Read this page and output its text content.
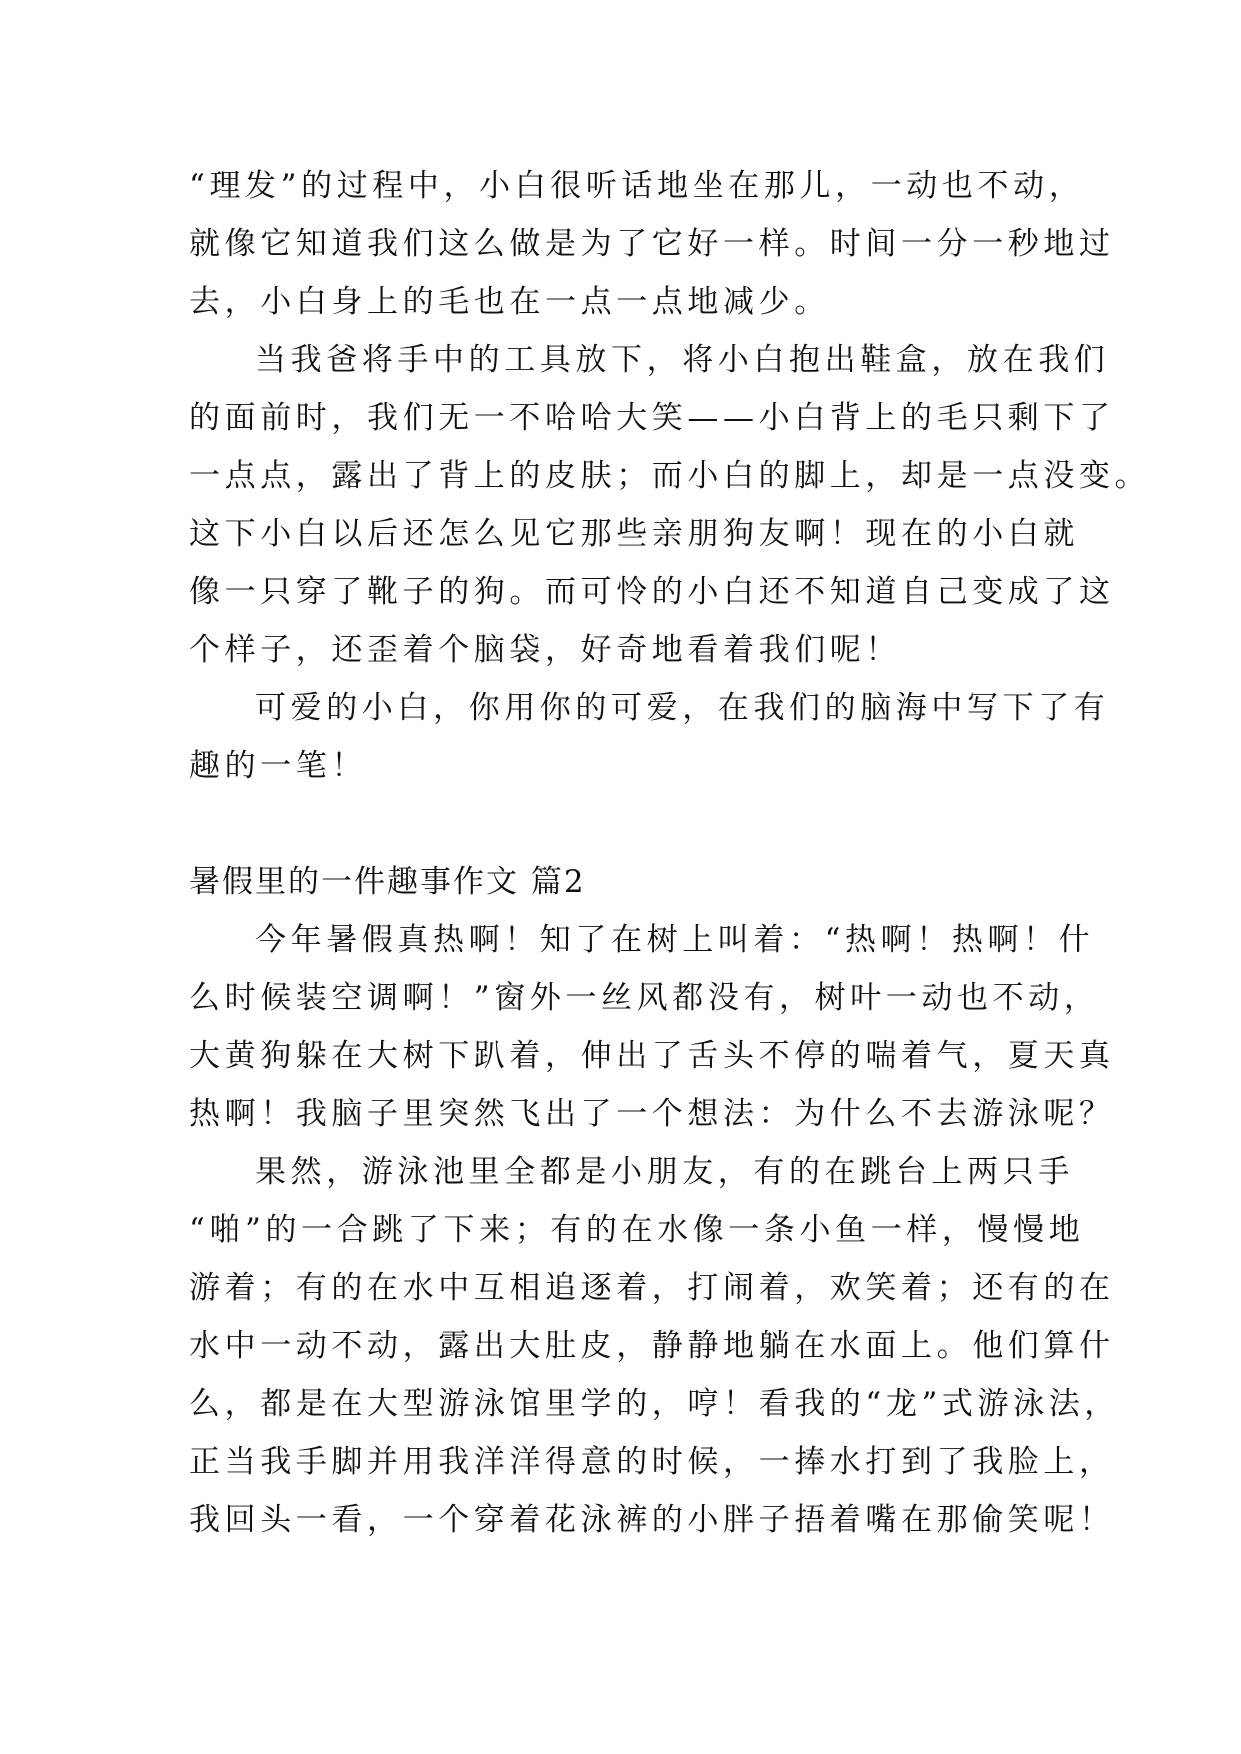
“理发”的过程中，小白很听话地坐在那儿，一动也不动，
就像它知道我们这么做是为了它好一样。时间一分一秒地过
去，小白身上的毛也在一点一点地减少。
当我爸将手中的工具放下，将小白抱出鞋盒，放在我们
的面前时，我们无一不哈哈大笑——小白背上的毛只剩下了
一点点，露出了背上的皮肤；而小白的脚上，却是一点没变。
这下小白以后还怎么见它那些亲朋狗友啊！现在的小白就
像一只穿了靴子的狗。而可怜的小白还不知道自己变成了这
个样子，还歪着个脑袋，好奇地看着我们呢！
可爱的小白，你用你的可爱，在我们的脑海中写下了有
趣的一笔！
暑假里的一件趣事作文 篇2
今年暑假真热啊！知了在树上叫着：“热啊！热啊！什
么时候装空调啊！”窗外一丝风都没有，树叶一动也不动，
大黄狗躲在大树下趴着，伸出了舌头不停的喘着气，夏天真
热啊！我脑子里突然飞出了一个想法：为什么不去游泳呢？
果然，游泳池里全都是小朋友，有的在跳台上两只手
“啪”的一合跳了下来；有的在水像一条小鱼一样，慢慢地
游着；有的在水中互相追逐着，打闹着，欢笑着；还有的在
水中一动不动，露出大肚皮，静静地躺在水面上。他们算什
么，都是在大型游泳馆里学的，哼！看我的“龙”式游泳法，
正当我手脚并用我洋洋得意的时候，一捧水打到了我脸上，
我回头一看，一个穿着花泳裤的小胖子捂着嘴在那偷笑呢！
